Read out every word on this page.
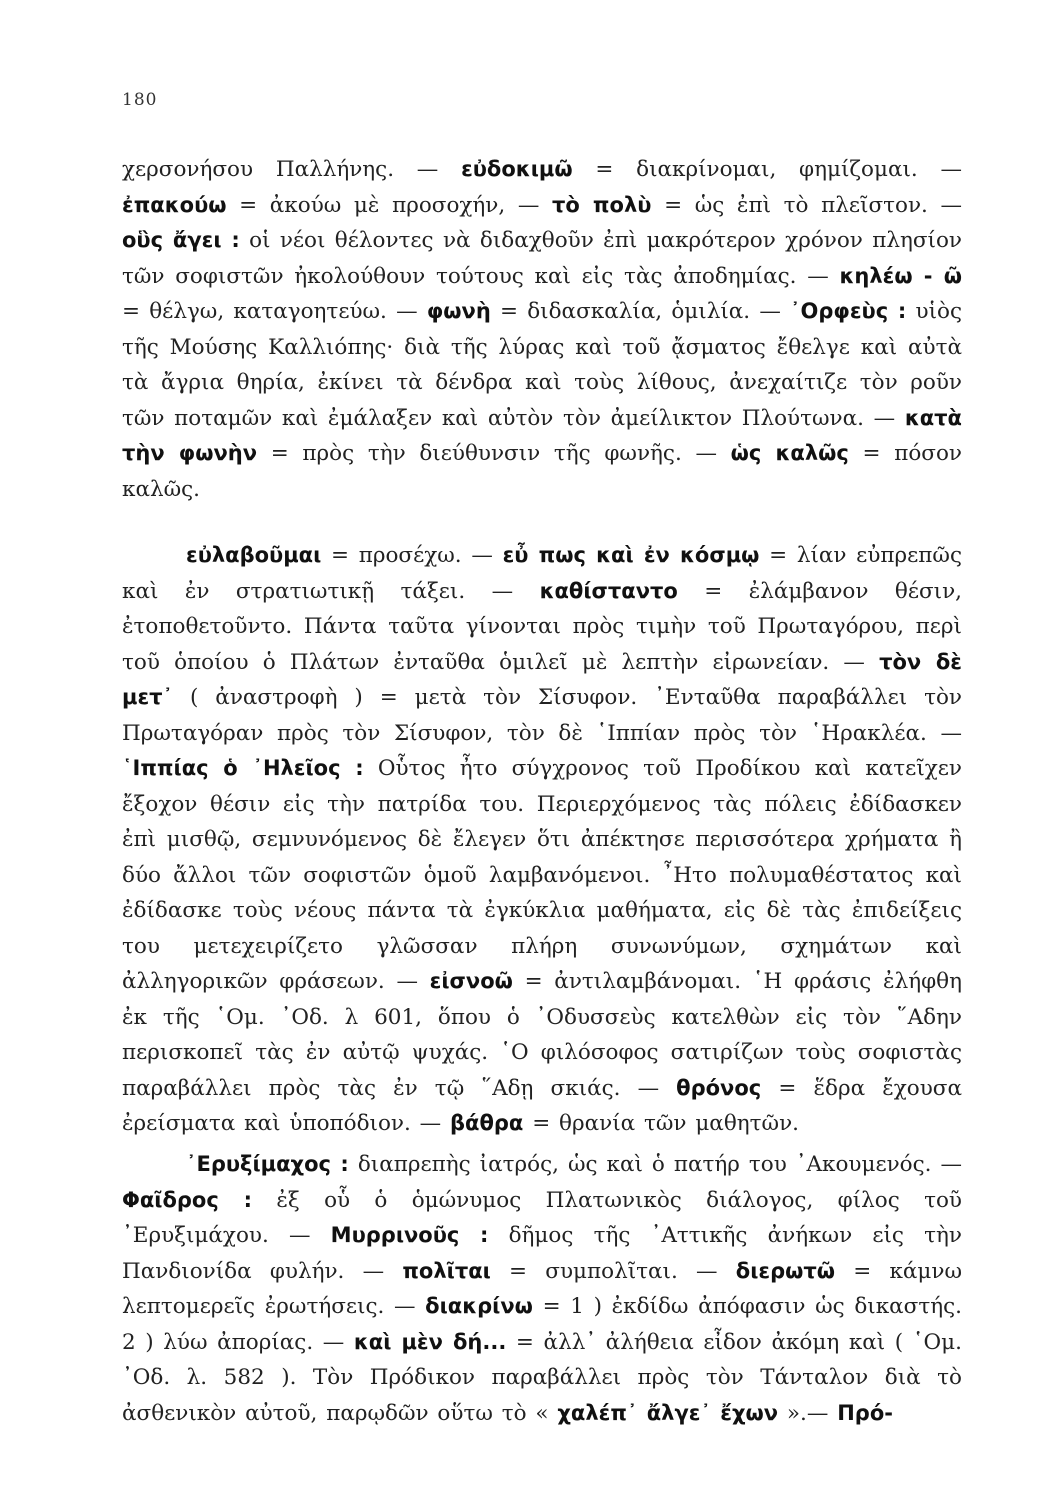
180
χερσονήσου Παλλήνης. — εὐδοκιμῶ = διακρίνομαι, φημίζομαι. — ἐπακούω = ἀκούω μὲ προσοχήν, — τὸ πολὺ = ὡς ἐπὶ τὸ πλεῖστον. — οὓς ἄγει : οἱ νέοι θέλοντες νὰ διδαχθοῦν ἐπὶ μακρότερον χρόνον πλησίον τῶν σοφιστῶν ἠκολούθουν τούτους καὶ εἰς τὰς ἀποδημίας. — κηλέω - ῶ = θέλγω, καταγοητεύω. — φωνὴ = διδασκαλία, ὁμιλία. — ᾿Ορφεὺς : υἱὸς τῆς Μούσης Καλλιόπης· διὰ τῆς λύρας καὶ τοῦ ᾄσματος ἔθελγε καὶ αὐτὰ τὰ ἄγρια θηρία, ἐκίνει τὰ δένδρα καὶ τοὺς λίθους, ἀνεχαίτιζε τὸν ροῦν τῶν ποταμῶν καὶ ἐμάλαξεν καὶ αὐτὸν τὸν ἀμείλικτον Πλούτωνα. — κατὰ τὴν φωνὴν = πρὸς τὴν διεύθυνσιν τῆς φωνῆς. — ὡς καλῶς = πόσον καλῶς.
εὐλαβοῦμαι = προσέχω. — εὖ πως καὶ ἐν κόσμῳ = λίαν εὐπρεπῶς καὶ ἐν στρατιωτικῇ τάξει. — καθίσταντο = ἐλάμβανον θέσιν, ἐτοποθετοῦντο. Πάντα ταῦτα γίνονται πρὸς τιμὴν τοῦ Πρωταγόρου, περὶ τοῦ ὁποίου ὁ Πλάτων ἐνταῦθα ὁμιλεῖ μὲ λεπτὴν εἰρωνείαν. — τὸν δὲ μετ᾿ ( ἀναστροφὴ ) = μετὰ τὸν Σίσυφον. ᾿Ενταῦθα παραβάλλει τὸν Πρωταγόραν πρὸς τὸν Σίσυφον, τὸν δὲ ῾Ιππίαν πρὸς τὸν ῾Ηρακλέα. — ῾Ιππίας ὁ ᾿Ηλεῖος : Οὗτος ἦτο σύγχρονος τοῦ Προδίκου καὶ κατεῖχεν ἔξοχον θέσιν εἰς τὴν πατρίδα του. Περιερχόμενος τὰς πόλεις ἐδίδασκεν ἐπὶ μισθῷ, σεμνυνόμενος δὲ ἔλεγεν ὅτι ἀπέκτησε περισσότερα χρήματα ἢ δύο ἄλλοι τῶν σοφιστῶν ὁμοῦ λαμβανόμενοι. ῏Ητο πολυμαθέστατος καὶ ἐδίδασκε τοὺς νέους πάντα τὰ ἐγκύκλια μαθήματα, εἰς δὲ τὰς ἐπιδείξεις του μετεχειρίζετο γλῶσσαν πλήρη συνωνύμων, σχημάτων καὶ ἀλληγορικῶν φράσεων. — εἰσνοῶ = ἀντιλαμβάνομαι. ῾Η φράσις ἐλήφθη ἐκ τῆς ῾Ομ. ᾿Οδ. λ 601, ὅπου ὁ ᾿Οδυσσεὺς κατελθὼν εἰς τὸν ῞Αδην περισκοπεῖ τὰς ἐν αὐτῷ ψυχάς. ῾Ο φιλόσοφος σατιρίζων τοὺς σοφιστὰς παραβάλλει πρὸς τὰς ἐν τῷ ῞Αδῃ σκιάς. — θρόνος = ἕδρα ἔχουσα ἐρείσματα καὶ ὑποπόδιον. — βάθρα = θρανία τῶν μαθητῶν.
᾿Ερυξίμαχος : διαπρεπὴς ἰατρός, ὡς καὶ ὁ πατήρ του ᾿Ακουμενός. — Φαῖδρος : ἐξ οὗ ὁ ὁμώνυμος Πλατωνικὸς διάλογος, φίλος τοῦ ᾿Ερυξιμάχου. — Μυρρινοῦς : δῆμος τῆς ᾿Αττικῆς ἀνήκων εἰς τὴν Πανδιονίδα φυλήν. — πολῖται = συμπολῖται. — διερωτῶ = κάμνω λεπτομερεῖς ἐρωτήσεις. — διακρίνω = 1 ) ἐκδίδω ἀπόφασιν ὡς δικαστής. 2 ) λύω ἀπορίας. — καὶ μὲν δή... = ἀλλ᾿ ἀλήθεια εἶδον ἀκόμη καὶ ( ῾Ομ. ᾿Οδ. λ. 582 ). Τὸν Πρόδικον παραβάλλει πρὸς τὸν Τάνταλον διὰ τὸ ἀσθενικὸν αὐτοῦ, παρῳδῶν οὕτω τὸ « χαλέπ᾿ ἄλγε᾿ ἔχων ».— Πρό-
